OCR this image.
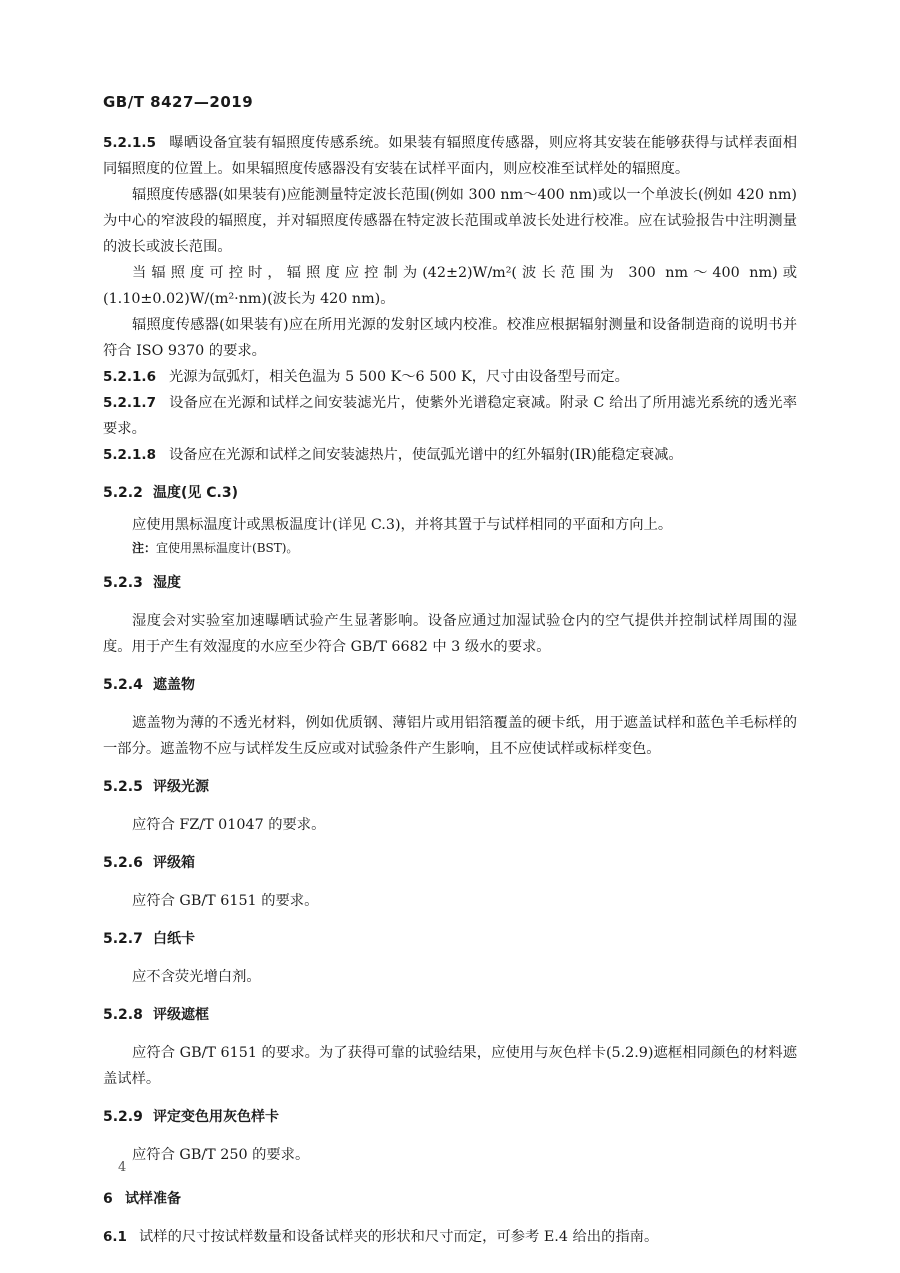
GB/T 8427—2019

5.2.1.5 曝晒设备宜装有辐照度传感系统。如果装有辐照度传感器，则应将其安装在能够获得与试样表面相同辐照度的位置上。如果辐照度传感器没有安装在试样平面内，则应校准至试样处的辐照度。

辐照度传感器(如果装有)应能测量特定波长范围(例如 300 nm～400 nm)或以一个单波长(例如 420 nm)为中心的窄波段的辐照度，并对辐照度传感器在特定波长范围或单波长处进行校准。应在试验报告中注明测量的波长或波长范围。

当辐照度可控时，辐照度应控制为(42±2)W/m²(波长范围为 300 nm～400 nm)或(1.10±0.02)W/(m²·nm)(波长为 420 nm)。

辐照度传感器(如果装有)应在所用光源的发射区域内校准。校准应根据辐射测量和设备制造商的说明书并符合 ISO 9370 的要求。

5.2.1.6 光源为氙弧灯，相关色温为 5 500 K～6 500 K，尺寸由设备型号而定。

5.2.1.7 设备应在光源和试样之间安装滤光片，使紫外光谱稳定衰减。附录 C 给出了所用滤光系统的透光率要求。

5.2.1.8 设备应在光源和试样之间安装滤热片，使氙弧光谱中的红外辐射(IR)能稳定衰减。

5.2.2 温度(见 C.3)

应使用黑标温度计或黑板温度计(详见 C.3)，并将其置于与试样相同的平面和方向上。

注：宜使用黑标温度计(BST)。

5.2.3 湿度

湿度会对实验室加速曝晒试验产生显著影响。设备应通过加湿试验仓内的空气提供并控制试样周围的湿度。用于产生有效湿度的水应至少符合 GB/T 6682 中 3 级水的要求。

5.2.4 遮盖物

遮盖物为薄的不透光材料，例如优质钢、薄铝片或用铝箔覆盖的硬卡纸，用于遮盖试样和蓝色羊毛标样的一部分。遮盖物不应与试样发生反应或对试验条件产生影响，且不应使试样或标样变色。

5.2.5 评级光源

应符合 FZ/T 01047 的要求。

5.2.6 评级箱

应符合 GB/T 6151 的要求。

5.2.7 白纸卡

应不含荧光增白剂。

5.2.8 评级遮框

应符合 GB/T 6151 的要求。为了获得可靠的试验结果，应使用与灰色样卡(5.2.9)遮框相同颜色的材料遮盖试样。

5.2.9 评定变色用灰色样卡

应符合 GB/T 250 的要求。

6 试样准备

6.1 试样的尺寸按试样数量和设备试样夹的形状和尺寸而定，可参考 E.4 给出的指南。

4
